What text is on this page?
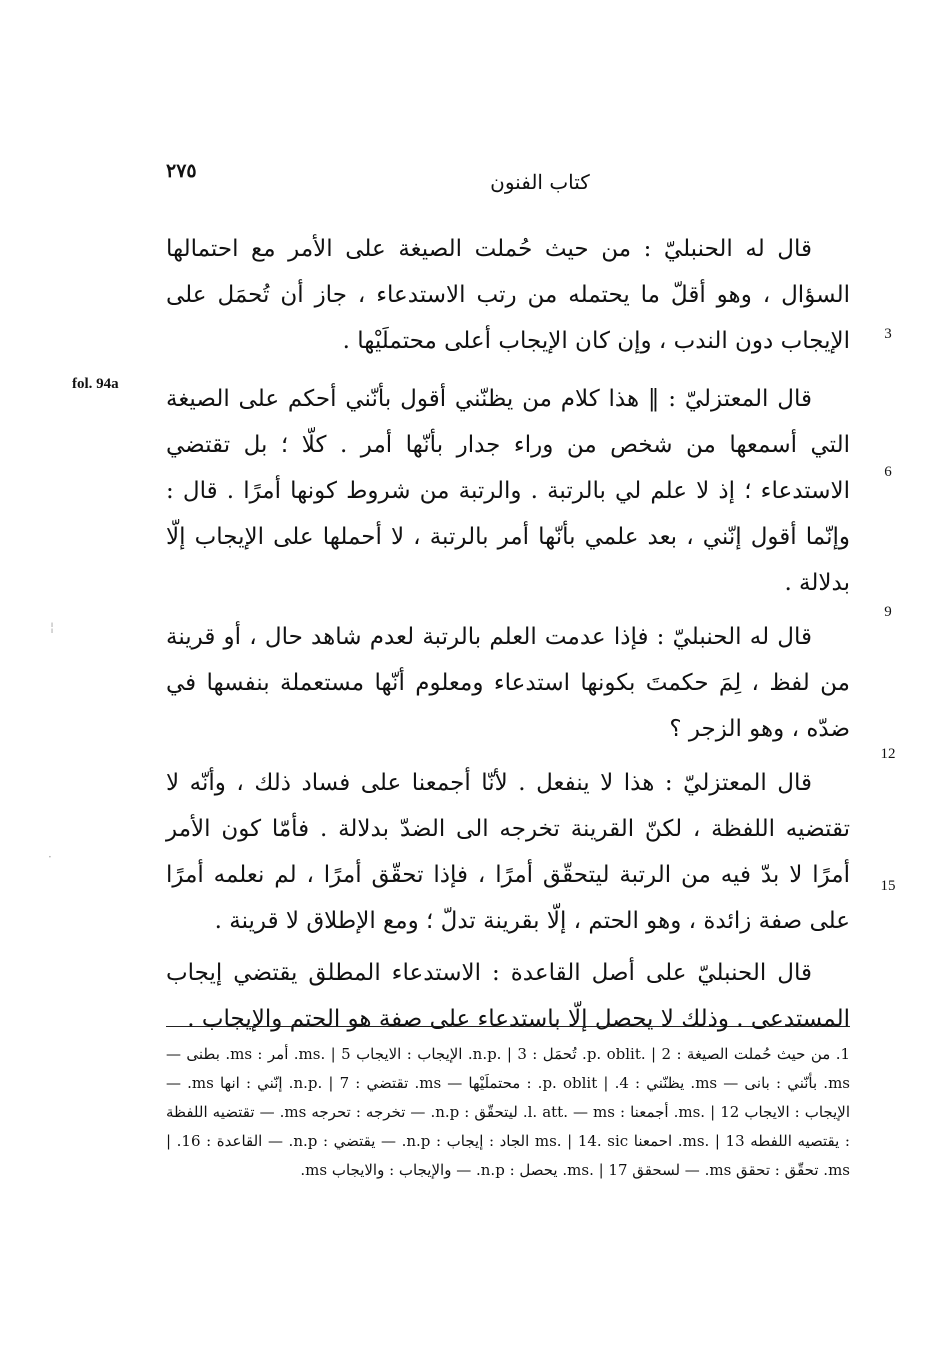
٢٧٥	كتاب الفنون
fol. 94a
3
6
9
12
15
¦
·

قال له الحنبليّ : من حيث حُملت الصيغة على الأمر مع احتمالها السؤال ، وهو أقلّ ما يحتمله من رتب الاستدعاء ، جاز أن تُحمَل على الإيجاب دون الندب ، وإن كان الإيجاب أعلى محتملَيْها .

قال المعتزليّ : ‖ هذا كلام من يظنّني أقول بأنّني أحكم على الصيغة التي أسمعها من شخص من وراء جدار بأنّها أمر . كلّا ؛ بل تقتضي الاستدعاء ؛ إذ لا علم لي بالرتبة . والرتبة من شروط كونها أمرًا . قال : وإنّما أقول إنّني ، بعد علمي بأنّها أمر بالرتبة ، لا أحملها على الإيجاب إلّا بدلالة .

قال له الحنبليّ : فإذا عدمت العلم بالرتبة لعدم شاهد حال ، أو قرينة من لفظ ، لِمَ حكمتَ بكونها استدعاء ومعلوم أنّها مستعملة بنفسها في ضدّه ، وهو الزجر ؟

قال المعتزليّ : هذا لا ينفعل . لأنّا أجمعنا على فساد ذلك ، وأنّه لا تقتضيه اللفظة ، لكنّ القرينة تخرجه الى الضدّ بدلالة . فأمّا كون الأمر أمرًا لا بدّ فيه من الرتبة ليتحقّق أمرًا ، فإذا تحقّق أمرًا ، لم نعلمه أمرًا على صفة زائدة ، وهو الحتم ، إلّا بقرينة تدلّ ؛ ومع الإطلاق لا قرينة .

قال الحنبليّ على أصل القاعدة : الاستدعاء المطلق يقتضي إيجاب المستدعى . وذلك لا يحصل إلّا باستدعاء على صفة هو الحتم والإيجاب .

1. من حيث حُملت الصيغة : p. oblit. | 2. تُحمَل : n.p. | 3. الإيجاب : الايجاب ms. | 5. أمر : ms. بطنى — ms. بأنّني : بانى — ms. يظنّني : 4. | p. oblit. : محتملَيْها — ms. تقتضي : n.p. | 7. إنّني : انها ms. — الإيجاب : الايجاب ms. | 12. أجمعنا : l. att. — ms. ليتحقّق : n.p. — تخرجه : تحرجه ms. — تقتضيه اللفظة : يقتصيه اللفطه ms. | 13. احمعنا ms. | 14. sic الجاد : إيجاب : n.p. — يقتضي : n.p. — القاعدة : 16. | ms. تحقّق : تحقق ms. — لسحقق ms. | 17. يحصل : n.p. — والإيجاب : والايجاب ms.
